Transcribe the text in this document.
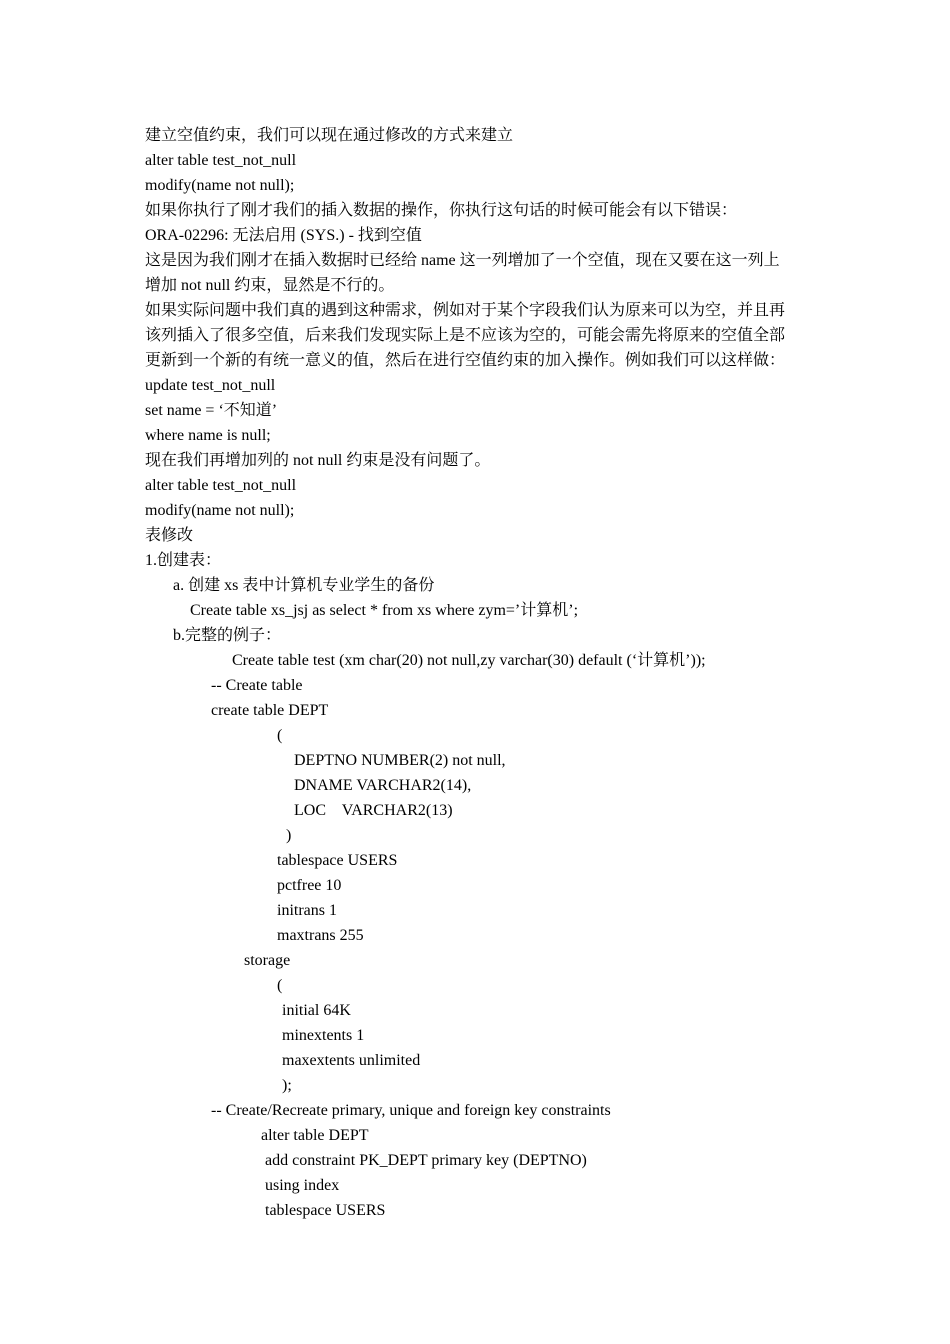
建立空值约束，我们可以现在通过修改的方式来建立
alter table test_not_null
modify(name not null);
如果你执行了刚才我们的插入数据的操作，你执行这句话的时候可能会有以下错误：
ORA-02296: 无法启用 (SYS.) - 找到空值
这是因为我们刚才在插入数据时已经给 name 这一列增加了一个空值，现在又要在这一列上
增加 not null 约束，显然是不行的。
如果实际问题中我们真的遇到这种需求，例如对于某个字段我们认为原来可以为空，并且再
该列插入了很多空值，后来我们发现实际上是不应该为空的，可能会需先将原来的空值全部
更新到一个新的有统一意义的值，然后在进行空值约束的加入操作。例如我们可以这样做：
update test_not_null
set name = ‘不知道’
where name is null;
现在我们再增加列的 not null 约束是没有问题了。
alter table test_not_null
modify(name not null);
表修改
1.创建表：
a. 创建 xs 表中计算机专业学生的备份
Create table xs_jsj as select * from xs where zym=’计算机’;
b.完整的例子：
Create table test (xm char(20) not null,zy varchar(30) default (‘计算机’));
-- Create table
create table DEPT
(
DEPTNO NUMBER(2) not null,
DNAME VARCHAR2(14),
LOC    VARCHAR2(13)
)
tablespace USERS
pctfree 10
initrans 1
maxtrans 255
storage
(
initial 64K
minextents 1
maxextents unlimited
);
-- Create/Recreate primary, unique and foreign key constraints
alter table DEPT
add constraint PK_DEPT primary key (DEPTNO)
using index
tablespace USERS
